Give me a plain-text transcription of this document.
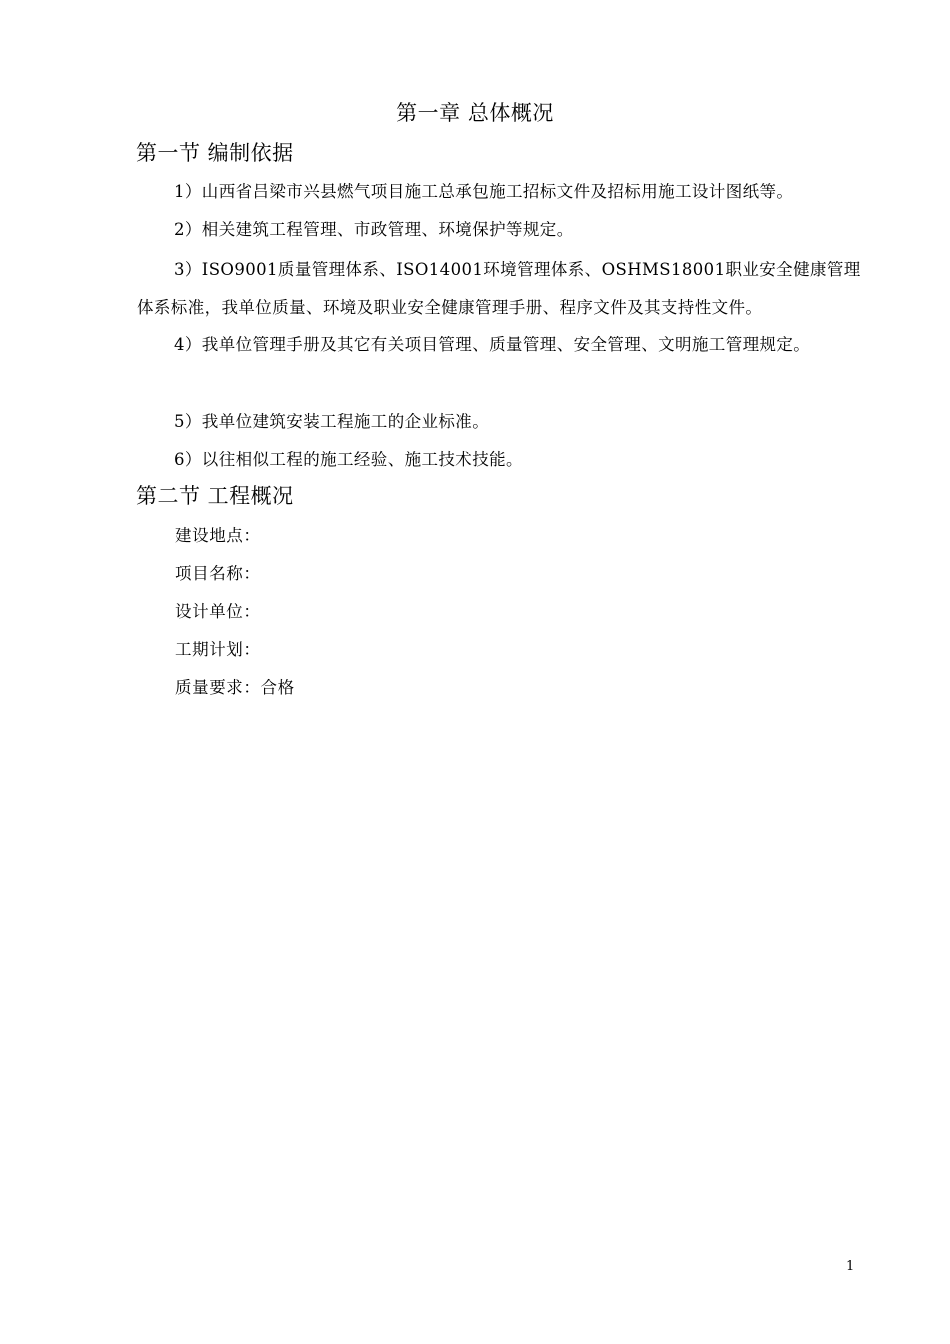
第一章 总体概况
第一节 编制依据
1）山西省吕梁市兴县燃气项目施工总承包施工招标文件及招标用施工设计图纸等。
2）相关建筑工程管理、市政管理、环境保护等规定。
3）ISO9001质量管理体系、ISO14001环境管理体系、OSHMS18001职业安全健康管理体系标准，我单位质量、环境及职业安全健康管理手册、程序文件及其支持性文件。
4）我单位管理手册及其它有关项目管理、质量管理、安全管理、文明施工管理规定。
5）我单位建筑安装工程施工的企业标准。
6）以往相似工程的施工经验、施工技术技能。
第二节 工程概况
建设地点：
项目名称：
设计单位：
工期计划：
质量要求：合格
1
